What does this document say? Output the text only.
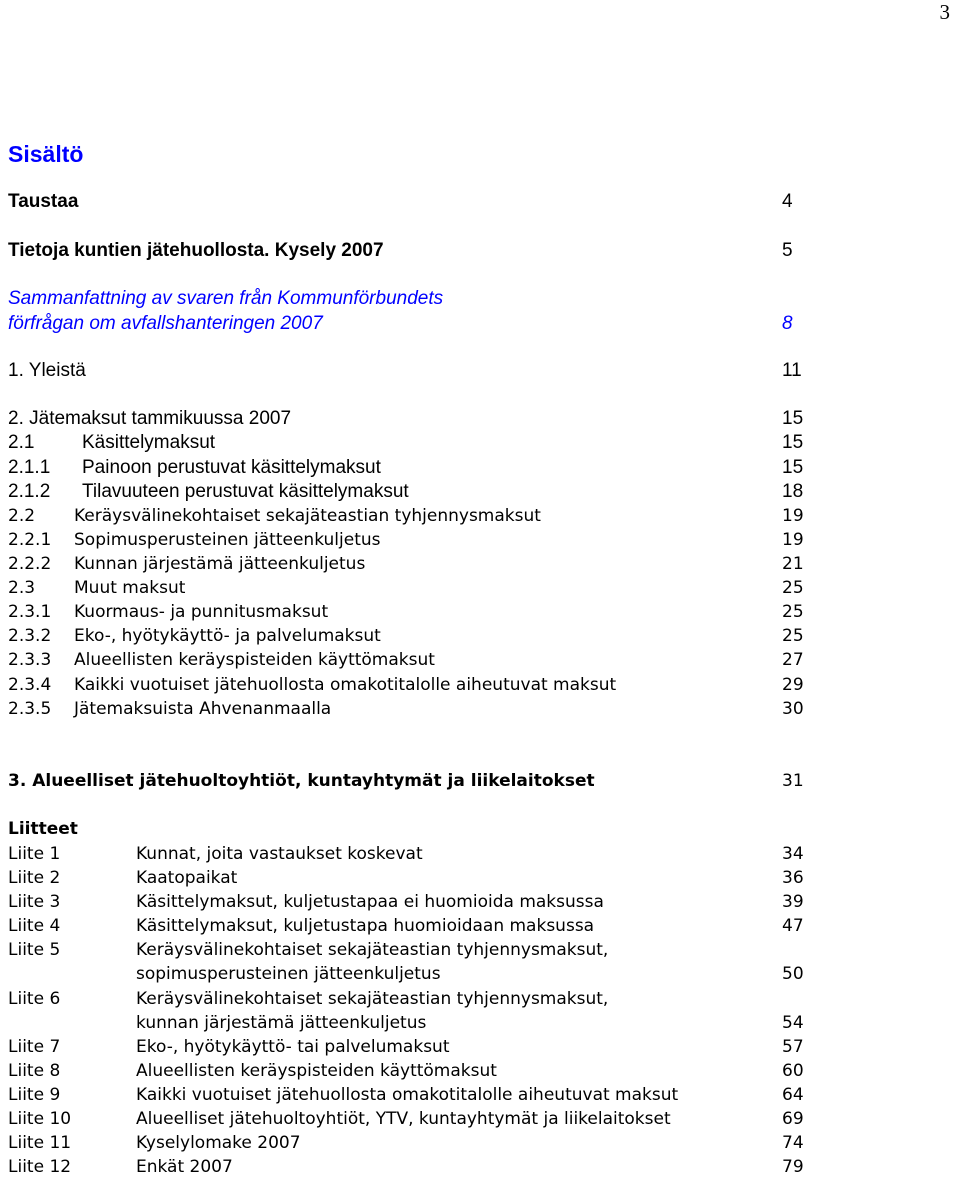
3
Sisältö
Taustaa	4
Tietoja kuntien jätehuollosta. Kysely 2007	5
Sammanfattning av svaren från Kommunförbundets
förfrågan om avfallshanteringen 2007	8
1. Yleistä	11
2. Jätemaksut tammikuussa 2007	15
2.1	Käsittelymaksut	15
2.1.1 Painoon perustuvat käsittelymaksut	15
2.1.2 Tilavuuteen perustuvat käsittelymaksut	18
2.2 Keräysvälinekohtaiset sekajäteastian tyhjennysmaksut	19
2.2.1 Sopimusperusteinen jätteenkuljetus	19
2.2.2 Kunnan järjestämä jätteenkuljetus	21
2.3 Muut maksut	25
2.3.1 Kuormaus- ja punnitusmaksut	25
2.3.2 Eko-, hyötykäyttö- ja palvelumaksut	25
2.3.3 Alueellisten keräyspisteiden käyttömaksut	27
2.3.4 Kaikki vuotuiset jätehuollosta omakotitalolle aiheutuvat maksut	29
2.3.5 Jätemaksuista Ahvenanmaalla	30
3. Alueelliset jätehuoltoyhtiöt, kuntayhtymät ja liikelaitokset	31
Liitteet
Liite 1	Kunnat, joita vastaukset koskevat	34
Liite 2	Kaatopaikat	36
Liite 3	Käsittelymaksut, kuljetustapaa ei huomioida maksussa	39
Liite 4	Käsittelymaksut, kuljetustapa huomioidaan maksussa	47
Liite 5	Keräysvälinekohtaiset sekajäteastian tyhjennysmaksut,
sopimusperusteinen jätteenkuljetus	50
Liite 6	Keräysvälinekohtaiset sekajäteastian tyhjennysmaksut,
kunnan järjestämä jätteenkuljetus	54
Liite 7	Eko-, hyötykäyttö- tai palvelumaksut	57
Liite 8	Alueellisten keräyspisteiden käyttömaksut	60
Liite 9	Kaikki vuotuiset jätehuollosta omakotitalolle aiheutuvat maksut	64
Liite 10	Alueelliset jätehuoltoyhtiöt, YTV, kuntayhtymät ja liikelaitokset	69
Liite 11	Kyselylomake 2007	74
Liite 12	Enkät 2007	79
